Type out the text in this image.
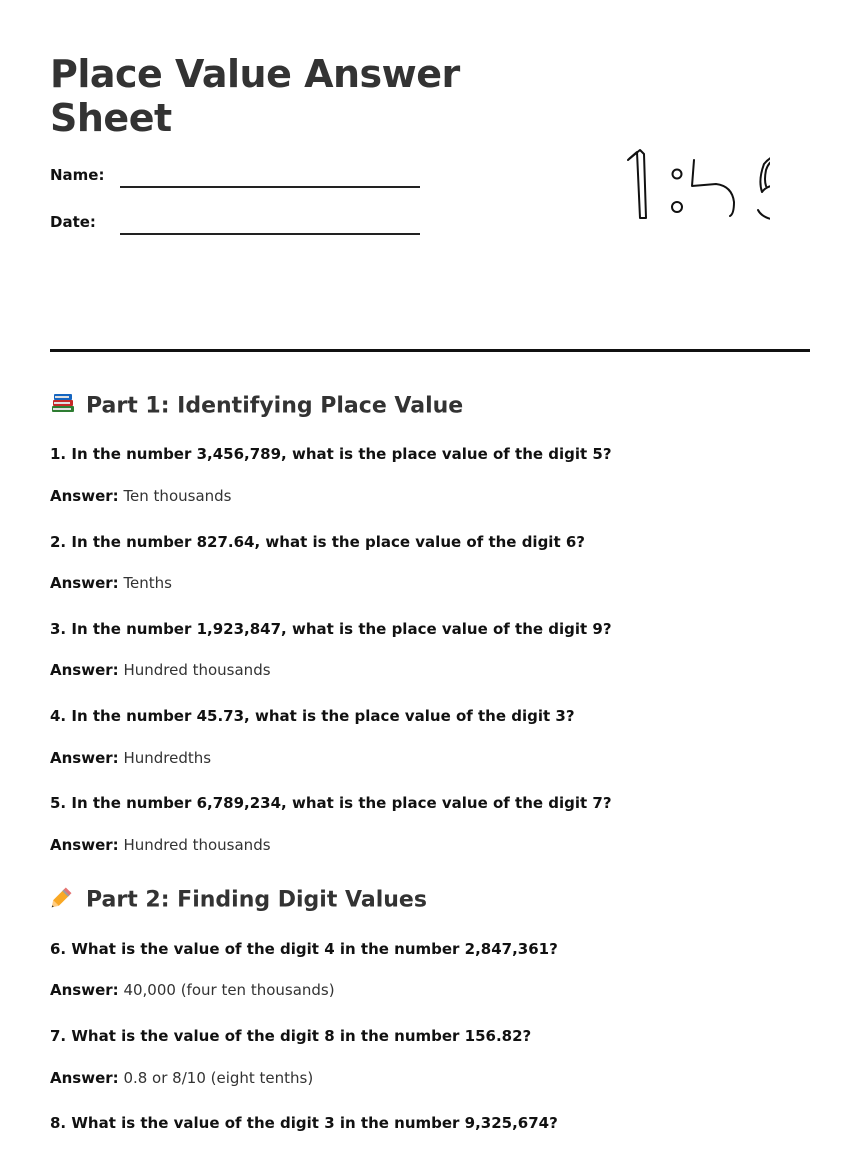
Place Value Answer Sheet
Name:
Date:
Part 1: Identifying Place Value
1. In the number 3,456,789, what is the place value of the digit 5?
Answer: Ten thousands
2. In the number 827.64, what is the place value of the digit 6?
Answer: Tenths
3. In the number 1,923,847, what is the place value of the digit 9?
Answer: Hundred thousands
4. In the number 45.73, what is the place value of the digit 3?
Answer: Hundredths
5. In the number 6,789,234, what is the place value of the digit 7?
Answer: Hundred thousands
Part 2: Finding Digit Values
6. What is the value of the digit 4 in the number 2,847,361?
Answer: 40,000 (four ten thousands)
7. What is the value of the digit 8 in the number 156.82?
Answer: 0.8 or 8/10 (eight tenths)
8. What is the value of the digit 3 in the number 9,325,674?
